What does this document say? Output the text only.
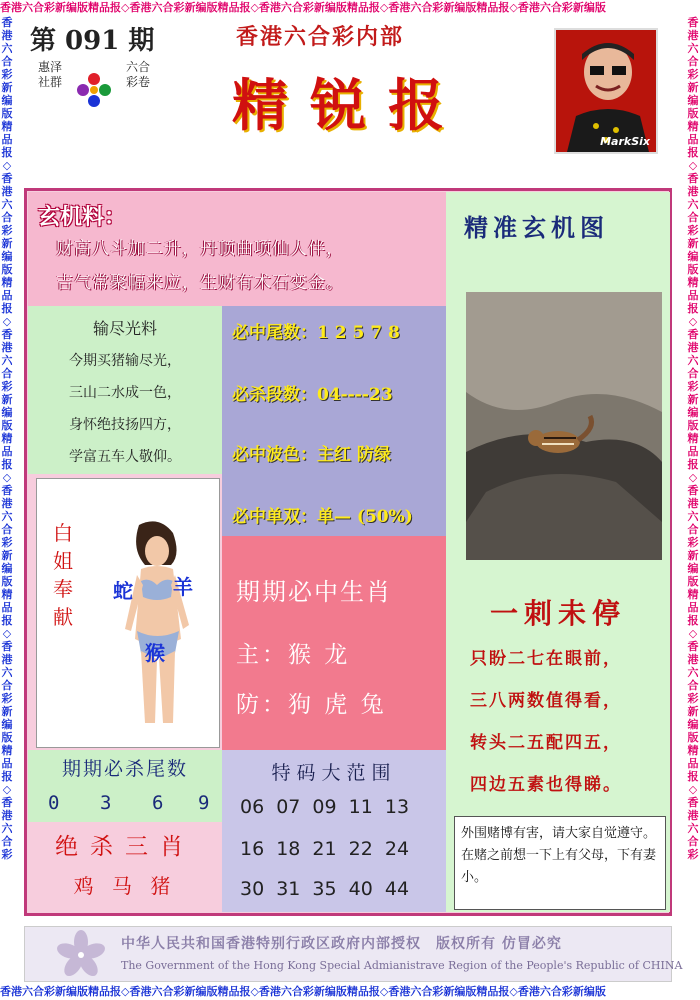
香港六合彩新编版精品报◇香港六合彩新编版精品报◇香港六合彩新编版精品报◇香港六合彩新编版精品报◇香港六合彩新编版
香港六合彩新编版精品报◇香港六合彩新编版精品报◇香港六合彩新编版精品报◇香港六合彩新编版精品报◇香港六合彩新编版精品报◇香港六合彩
香港六合彩新编版精品报◇香港六合彩新编版精品报◇香港六合彩新编版精品报◇香港六合彩新编版精品报◇香港六合彩新编版精品报◇香港六合彩
香港六合彩新编版精品报◇香港六合彩新编版精品报◇香港六合彩新编版精品报◇香港六合彩新编版精品报◇香港六合彩新编版
第 091 期
惠泽社群
六合彩卷
香港六合彩内部
精锐报
MarkSix
玄机料：
财高八斗加二升，丹顶曲项仙人伴，
吉气常聚幅来应，生财有术石变金。
输尽光料
今期买猪输尽光，
三山二水成一色，
身怀绝技扬四方，
学富五车人敬仰。
必中尾数：1 2 5 7 8
必杀段数：04----23
必中波色：主红 防绿
必中单双：单— (50%)
白
姐
奉
献
蛇 羊
猴
期期必中生肖
主：猴 龙
防：狗 虎 兔
期期必杀尾数
0 3 6 9
绝杀三肖
鸡 马 猪
特码大范围
06 07 09 11 13
16 18 21 22 24
30 31 35 40 44
精准玄机图
一刺未停
只盼二七在眼前，
三八两数值得看，
转头二五配四五，
四边五素也得睇。
外围赌博有害，请大家自觉遵守。在赌之前想一下上有父母，下有妻小。
中华人民共和国香港特别行政区政府内部授权　版权所有 仿冒必究
The Government of the Hong Kong Special Admianistrave Region of the People's Republic of CHINA
